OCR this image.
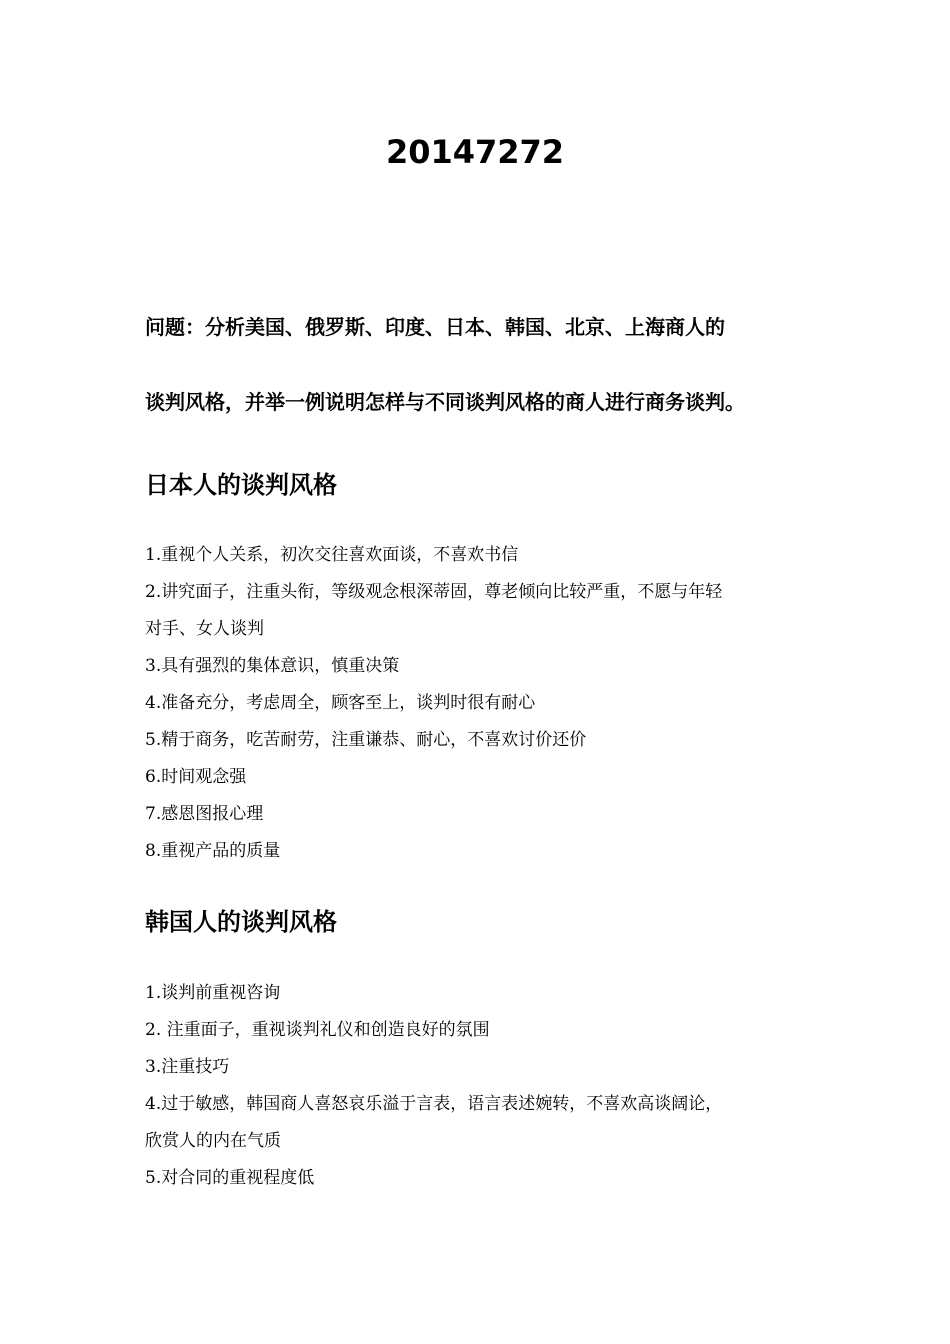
20147272

问题：分析美国、俄罗斯、印度、日本、韩国、北京、上海商人的

谈判风格，并举一例说明怎样与不同谈判风格的商人进行商务谈判。

日本人的谈判风格
1.重视个人关系，初次交往喜欢面谈，不喜欢书信
2.讲究面子，注重头衔，等级观念根深蒂固，尊老倾向比较严重，不愿与年轻
对手、女人谈判
3.具有强烈的集体意识，慎重决策
4.准备充分，考虑周全，顾客至上，谈判时很有耐心
5.精于商务，吃苦耐劳，注重谦恭、耐心，不喜欢讨价还价
6.时间观念强
7.感恩图报心理
8.重视产品的质量
韩国人的谈判风格
1.谈判前重视咨询
2. 注重面子，重视谈判礼仪和创造良好的氛围
3.注重技巧
4.过于敏感，韩国商人喜怒哀乐溢于言表，语言表述婉转，不喜欢高谈阔论，
欣赏人的内在气质
5.对合同的重视程度低
